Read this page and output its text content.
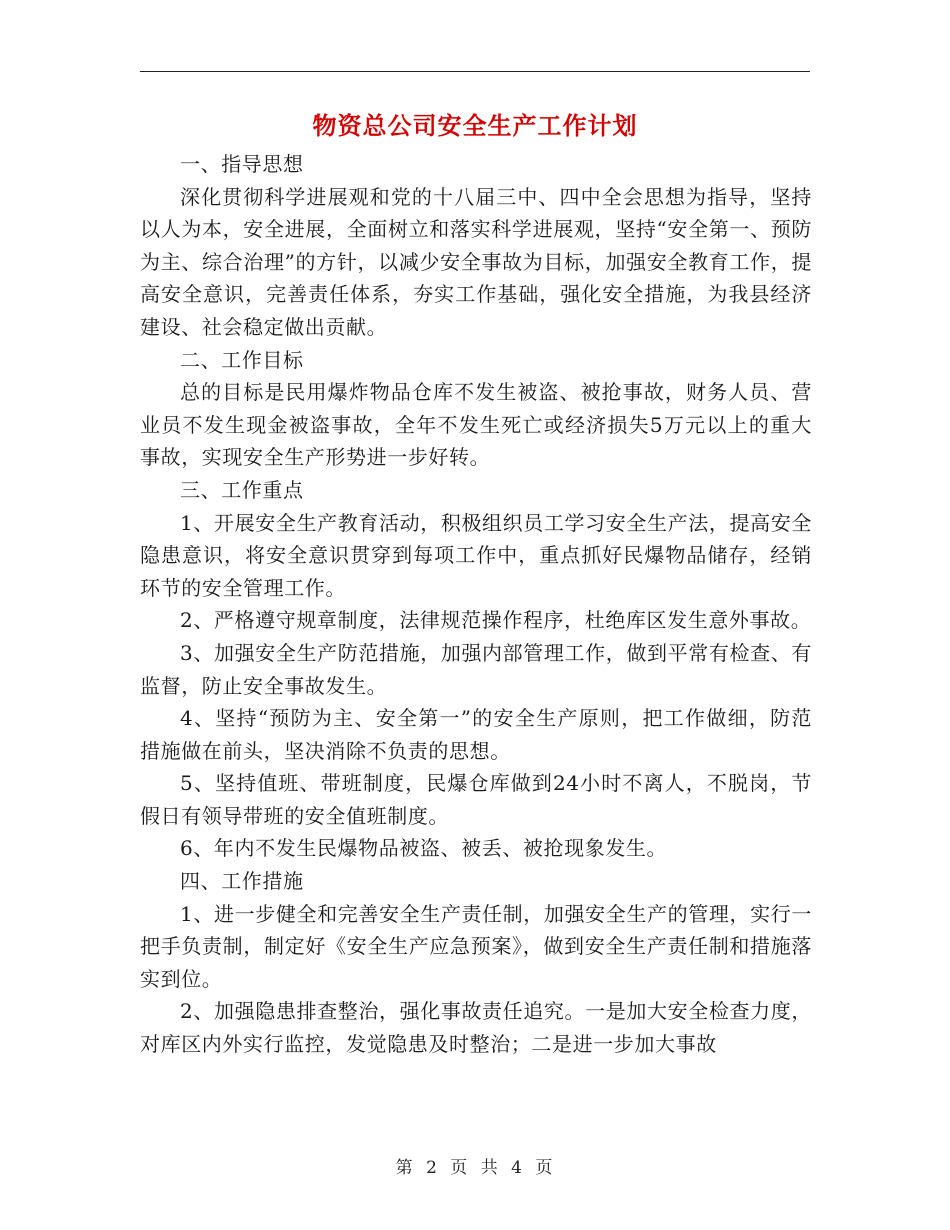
物资总公司安全生产工作计划

一、指导思想

深化贯彻科学进展观和党的十八届三中、四中全会思想为指导，坚持以人为本，安全进展，全面树立和落实科学进展观，坚持“安全第一、预防为主、综合治理”的方针，以减少安全事故为目标，加强安全教育工作，提高安全意识，完善责任体系，夯实工作基础，强化安全措施，为我县经济建设、社会稳定做出贡献。

二、工作目标

总的目标是民用爆炸物品仓库不发生被盗、被抢事故，财务人员、营业员不发生现金被盗事故，全年不发生死亡或经济损失5万元以上的重大事故，实现安全生产形势进一步好转。

三、工作重点

1、开展安全生产教育活动，积极组织员工学习安全生产法，提高安全隐患意识，将安全意识贯穿到每项工作中，重点抓好民爆物品储存，经销环节的安全管理工作。

2、严格遵守规章制度，法律规范操作程序，杜绝库区发生意外事故。

3、加强安全生产防范措施，加强内部管理工作，做到平常有检查、有监督，防止安全事故发生。

4、坚持“预防为主、安全第一”的安全生产原则，把工作做细，防范措施做在前头，坚决消除不负责的思想。

5、坚持值班、带班制度，民爆仓库做到24小时不离人，不脱岗，节假日有领导带班的安全值班制度。

6、年内不发生民爆物品被盗、被丢、被抢现象发生。

四、工作措施

1、进一步健全和完善安全生产责任制，加强安全生产的管理，实行一把手负责制，制定好《安全生产应急预案》，做到安全生产责任制和措施落实到位。

2、加强隐患排查整治，强化事故责任追究。一是加大安全检查力度，对库区内外实行监控，发觉隐患及时整治；二是进一步加大事故

第 2 页 共 4 页
